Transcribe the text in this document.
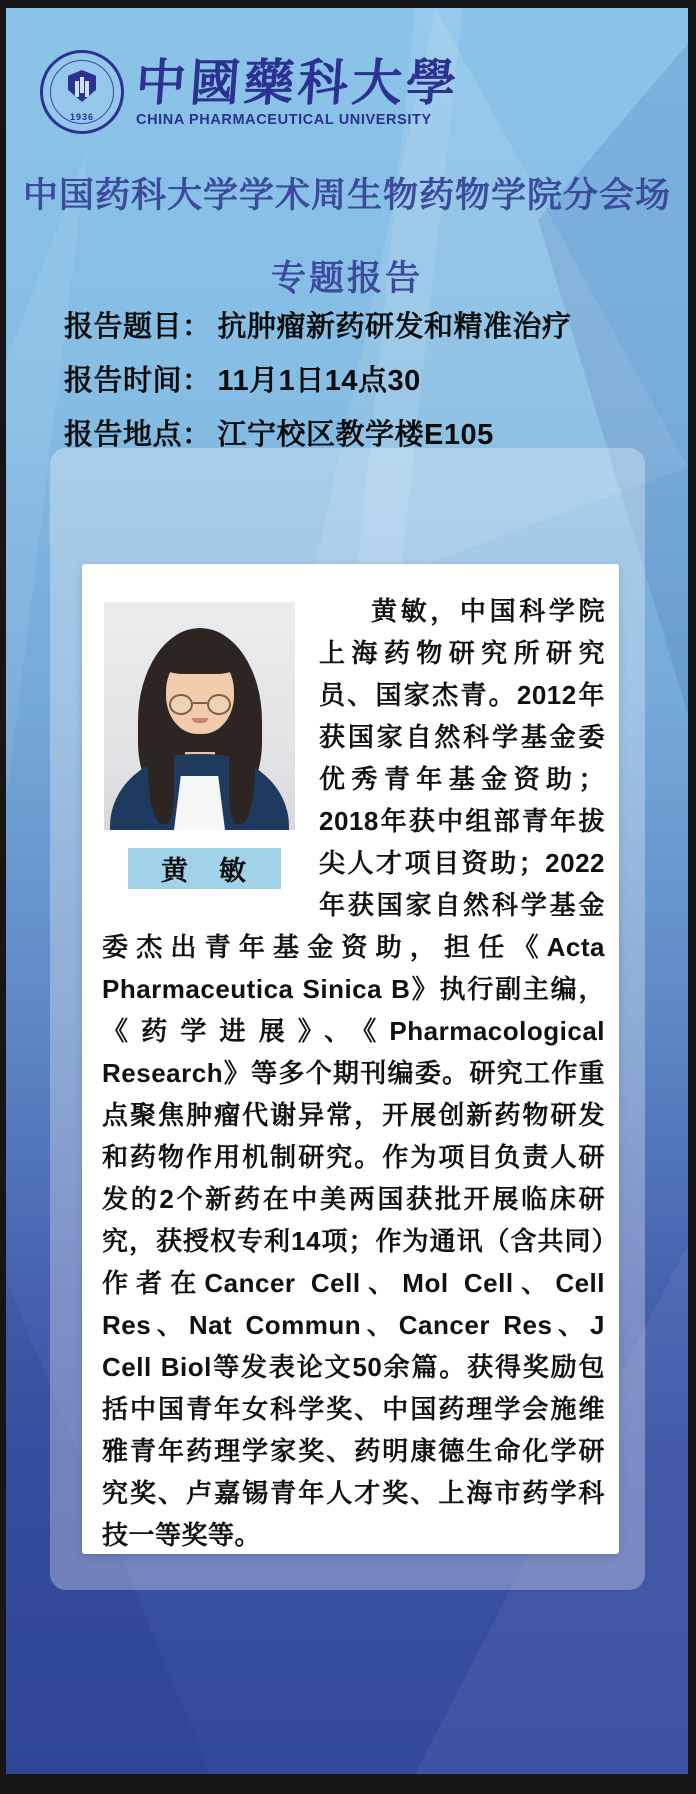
1936
中國藥科大學
CHINA PHARMACEUTICAL UNIVERSITY
中国药科大学学术周生物药物学院分会场
专题报告
报告题目： 抗肿瘤新药研发和精准治疗
报告时间： 11月1日14点30
报告地点： 江宁校区教学楼E105
黄　敏

黄敏，中国科学院上海药物研究所研究员、国家杰青。2012年获国家自然科学基金委优秀青年基金资助；2018年获中组部青年拔尖人才项目资助；2022年获国家自然科学基金委杰出青年基金资助，担任《Acta Pharmaceutica Sinica B》执行副主编，《药学进展》、《Pharmacological Research》等多个期刊编委。研究工作重点聚焦肿瘤代谢异常，开展创新药物研发和药物作用机制研究。作为项目负责人研发的2个新药在中美两国获批开展临床研究，获授权专利14项；作为通讯（含共同）作者在Cancer Cell、Mol Cell、Cell Res、Nat Commun、Cancer Res、J Cell Biol等发表论文50余篇。获得奖励包括中国青年女科学奖、中国药理学会施维雅青年药理学家奖、药明康德生命化学研究奖、卢嘉锡青年人才奖、上海市药学科技一等奖等。
